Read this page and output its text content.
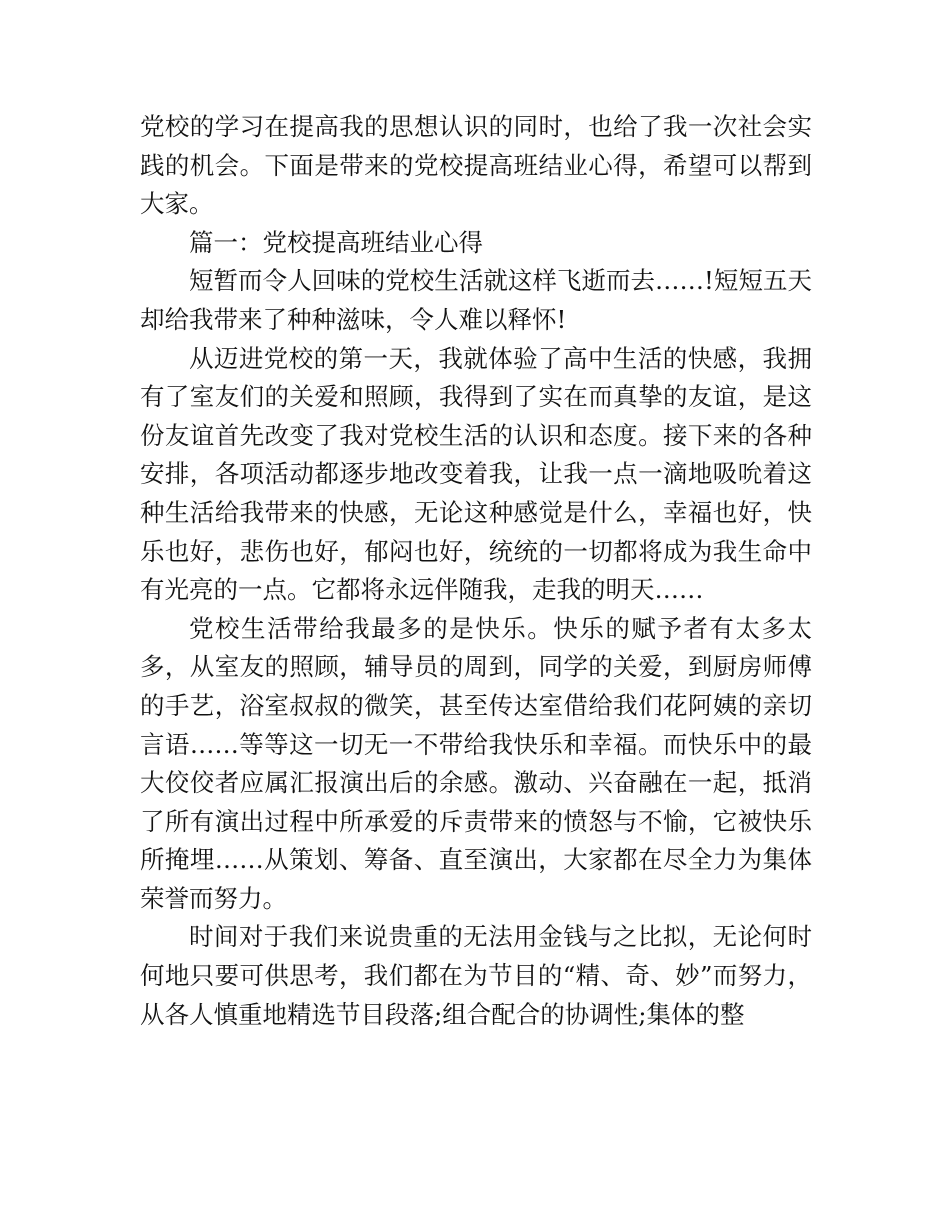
党校的学习在提高我的思想认识的同时，也给了我一次社会实践的机会。下面是带来的党校提高班结业心得，希望可以帮到大家。

篇一：党校提高班结业心得

短暂而令人回味的党校生活就这样飞逝而去……!短短五天却给我带来了种种滋味，令人难以释怀!

从迈进党校的第一天，我就体验了高中生活的快感，我拥有了室友们的关爱和照顾，我得到了实在而真挚的友谊，是这份友谊首先改变了我对党校生活的认识和态度。接下来的各种安排，各项活动都逐步地改变着我，让我一点一滴地吸吮着这种生活给我带来的快感，无论这种感觉是什么，幸福也好，快乐也好，悲伤也好，郁闷也好，统统的一切都将成为我生命中有光亮的一点。它都将永远伴随我，走我的明天……

党校生活带给我最多的是快乐。快乐的赋予者有太多太多，从室友的照顾，辅导员的周到，同学的关爱，到厨房师傅的手艺，浴室叔叔的微笑，甚至传达室借给我们花阿姨的亲切言语……等等这一切无一不带给我快乐和幸福。而快乐中的最大佼佼者应属汇报演出后的余感。激动、兴奋融在一起，抵消了所有演出过程中所承爱的斥责带来的愤怒与不愉，它被快乐所掩埋……从策划、筹备、直至演出，大家都在尽全力为集体荣誉而努力。

时间对于我们来说贵重的无法用金钱与之比拟，无论何时何地只要可供思考，我们都在为节目的“精、奇、妙”而努力，从各人慎重地精选节目段落;组合配合的协调性;集体的整
